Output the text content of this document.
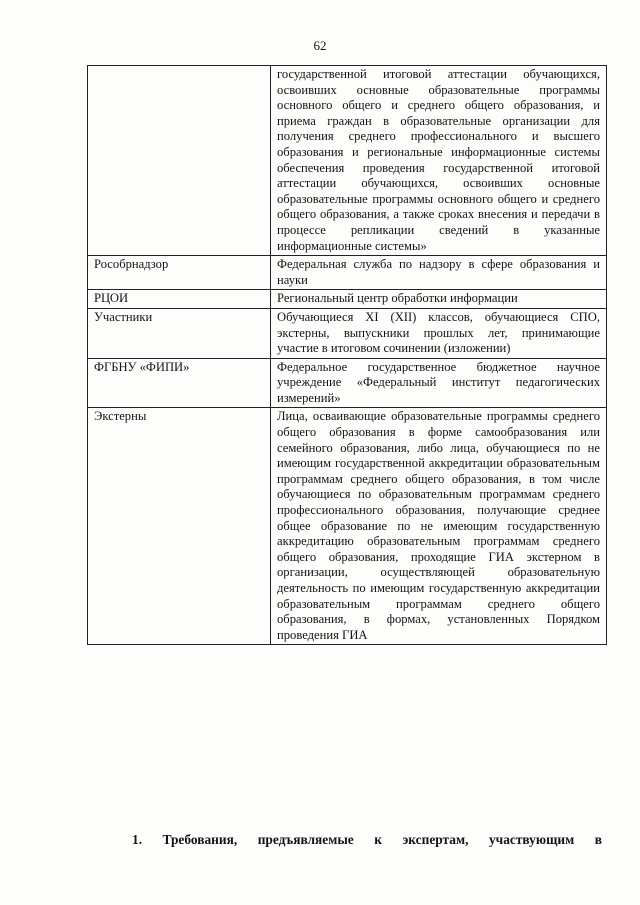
62
	государственной итоговой аттестации обучающихся, освоивших основные образовательные программы основного общего и среднего общего образования, и приема граждан в образовательные организации для получения среднего профессионального и высшего образования и региональные информационные системы обеспечения проведения государственной итоговой аттестации обучающихся, освоивших основные образовательные программы основного общего и среднего общего образования, а также сроках внесения и передачи в процессе репликации сведений в указанные информационные системы»
Рособрнадзор	Федеральная служба по надзору в сфере образования и науки
РЦОИ	Региональный центр обработки информации
Участники	Обучающиеся XI (XII) классов, обучающиеся СПО, экстерны, выпускники прошлых лет, принимающие участие в итоговом сочинении (изложении)
ФГБНУ «ФИПИ»	Федеральное государственное бюджетное научное учреждение «Федеральный институт педагогических измерений»
Экстерны	Лица, осваивающие образовательные программы среднего общего образования в форме самообразования или семейного образования, либо лица, обучающиеся по не имеющим государственной аккредитации образовательным программам среднего общего образования, в том числе обучающиеся по образовательным программам среднего профессионального образования, получающие среднее общее образование по не имеющим государственную аккредитацию образовательным программам среднего общего образования, проходящие ГИА экстерном в организации, осуществляющей образовательную деятельность по имеющим государственную аккредитации образовательным программам среднего общего образования, в формах, установленных Порядком проведения ГИА
1. Требования, предъявляемые к экспертам, участвующим в
